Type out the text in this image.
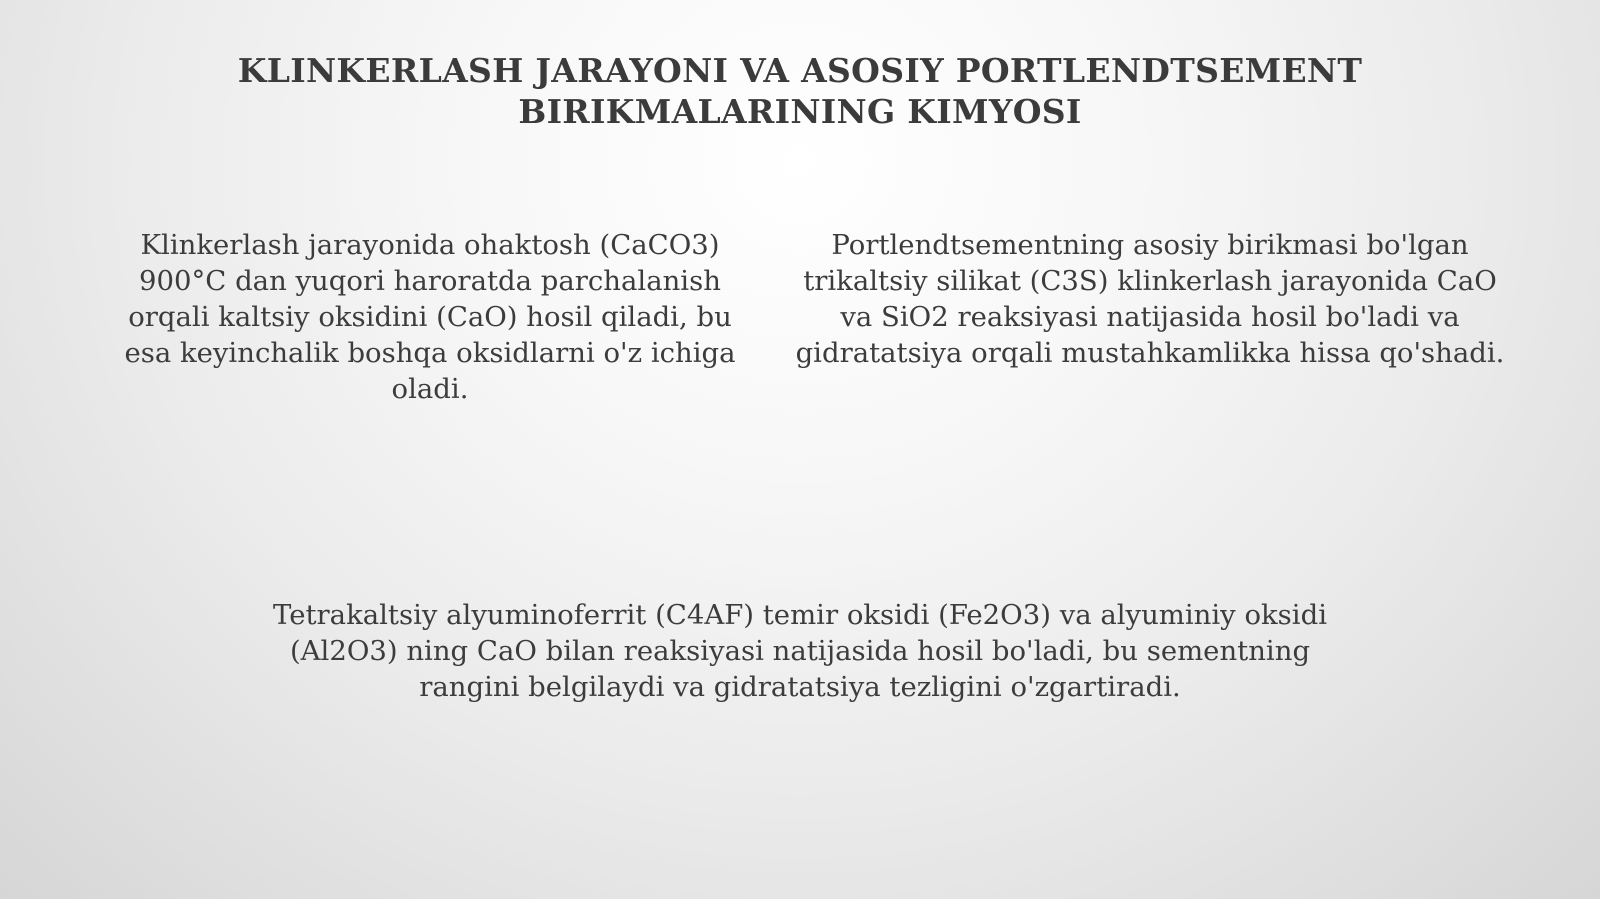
KLINKERLASH JARAYONI VA ASOSIY PORTLENDTSEMENT BIRIKMALARINING KIMYOSI

Klinkerlash jarayonida ohaktosh (CaCO3) 900°C dan yuqori haroratda parchalanish orqali kaltsiy oksidini (CaO) hosil qiladi, bu esa keyinchalik boshqa oksidlarni o'z ichiga oladi.

Portlendtsementning asosiy birikmasi bo'lgan trikaltsiy silikat (C3S) klinkerlash jarayonida CaO va SiO2 reaksiyasi natijasida hosil bo'ladi va gidratatsiya orqali mustahkamlikka hissa qo'shadi.

Tetrakaltsiy alyuminoferrit (C4AF) temir oksidi (Fe2O3) va alyuminiy oksidi (Al2O3) ning CaO bilan reaksiyasi natijasida hosil bo'ladi, bu sementning rangini belgilaydi va gidratatsiya tezligini o'zgartiradi.
